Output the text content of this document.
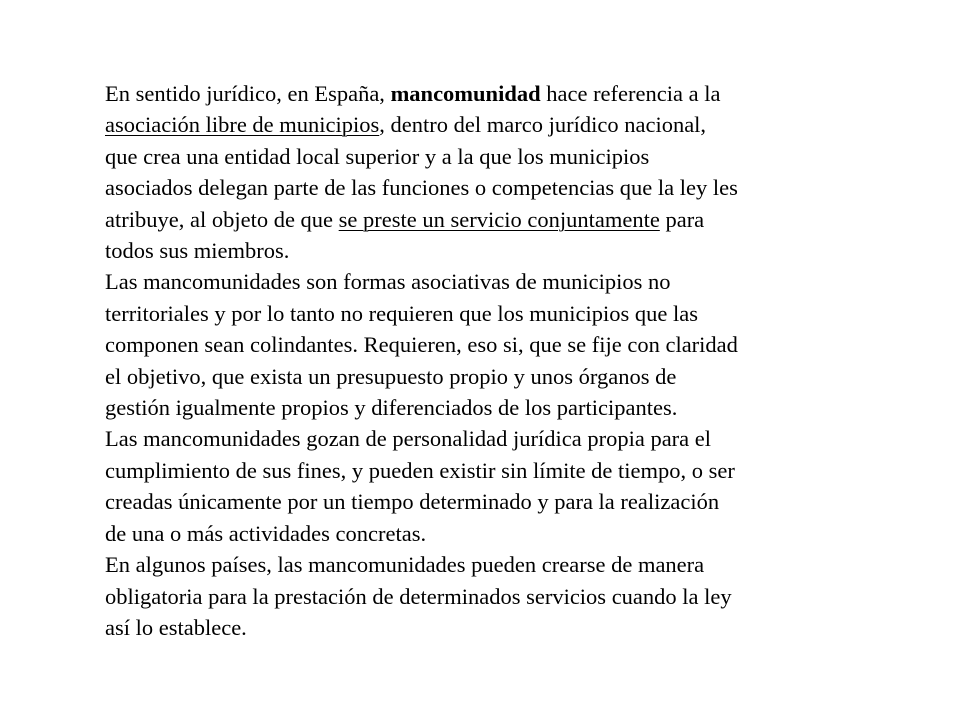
En sentido jurídico, en España, mancomunidad hace referencia a la
asociación libre de municipios, dentro del marco jurídico nacional,
que crea una entidad local superior y a la que los municipios
asociados delegan parte de las funciones o competencias que la ley les
atribuye, al objeto de que se preste un servicio conjuntamente para
todos sus miembros.

Las mancomunidades son formas asociativas de municipios no
territoriales y por lo tanto no requieren que los municipios que las
componen sean colindantes. Requieren, eso si, que se fije con claridad
el objetivo, que exista un presupuesto propio y unos órganos de
gestión igualmente propios y diferenciados de los participantes.

Las mancomunidades gozan de personalidad jurídica propia para el
cumplimiento de sus fines, y pueden existir sin límite de tiempo, o ser
creadas únicamente por un tiempo determinado y para la realización
de una o más actividades concretas.

En algunos países, las mancomunidades pueden crearse de manera
obligatoria para la prestación de determinados servicios cuando la ley
así lo establece.
